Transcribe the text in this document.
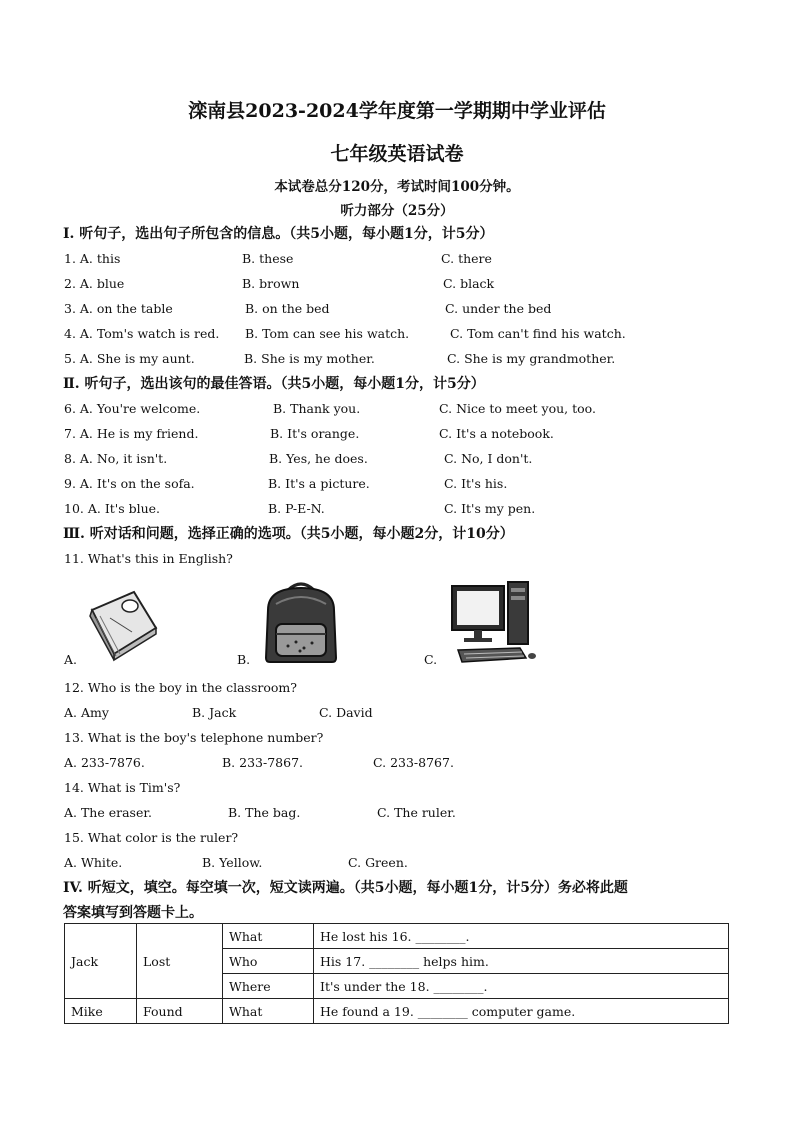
滦南县2023-2024学年度第一学期期中学业评估
七年级英语试卷
本试卷总分120分，考试时间100分钟。
听力部分（25分）
I. 听句子，选出句子所包含的信息。（共5小题，每小题1分，计5分）
1. A. this	B. these	C. there
2. A. blue	B. brown	C. black
3. A. on the table	B. on the bed	C. under the bed
4. A. Tom's watch is red. B. Tom can see his watch.	C. Tom can't find his watch.
5. A. She is my aunt.	B. She is my mother.	C. She is my grandmother.
Ⅱ. 听句子，选出该句的最佳答语。（共5小题，每小题1分，计5分）
6. A. You're welcome.	B. Thank you.	C. Nice to meet you, too.
7. A. He is my friend.	B. It's orange.	C. It's a notebook.
8. A. No, it isn't.	B. Yes, he does.	C. No, I don't.
9. A. It's on the sofa.	B. It's a picture.	C. It's his.
10. A. It's blue.	B. P-E-N.	C. It's my pen.
Ⅲ. 听对话和问题，选择正确的选项。（共5小题，每小题2分，计10分）
11. What's this in English?
A.	B.	C.
12. Who is the boy in the classroom?
A. Amy	B. Jack	C. David
13. What is the boy's telephone number?
A. 233-7876.	B. 233-7867.	C. 233-8767.
14. What is Tim's?
A. The eraser.	B. The bag.	C. The ruler.
15. What color is the ruler?
A. White.	B. Yellow.	C. Green.
IV. 听短文，填空。每空填一次，短文读两遍。（共5小题，每小题1分，计5分）务必将此题
答案填写到答题卡上。
Jack	Lost	What	He lost his 16. ________.
		Who	His 17. ________ helps him.
		Where	It's under the 18. ________.
Mike	Found	What	He found a 19. ________ computer game.
